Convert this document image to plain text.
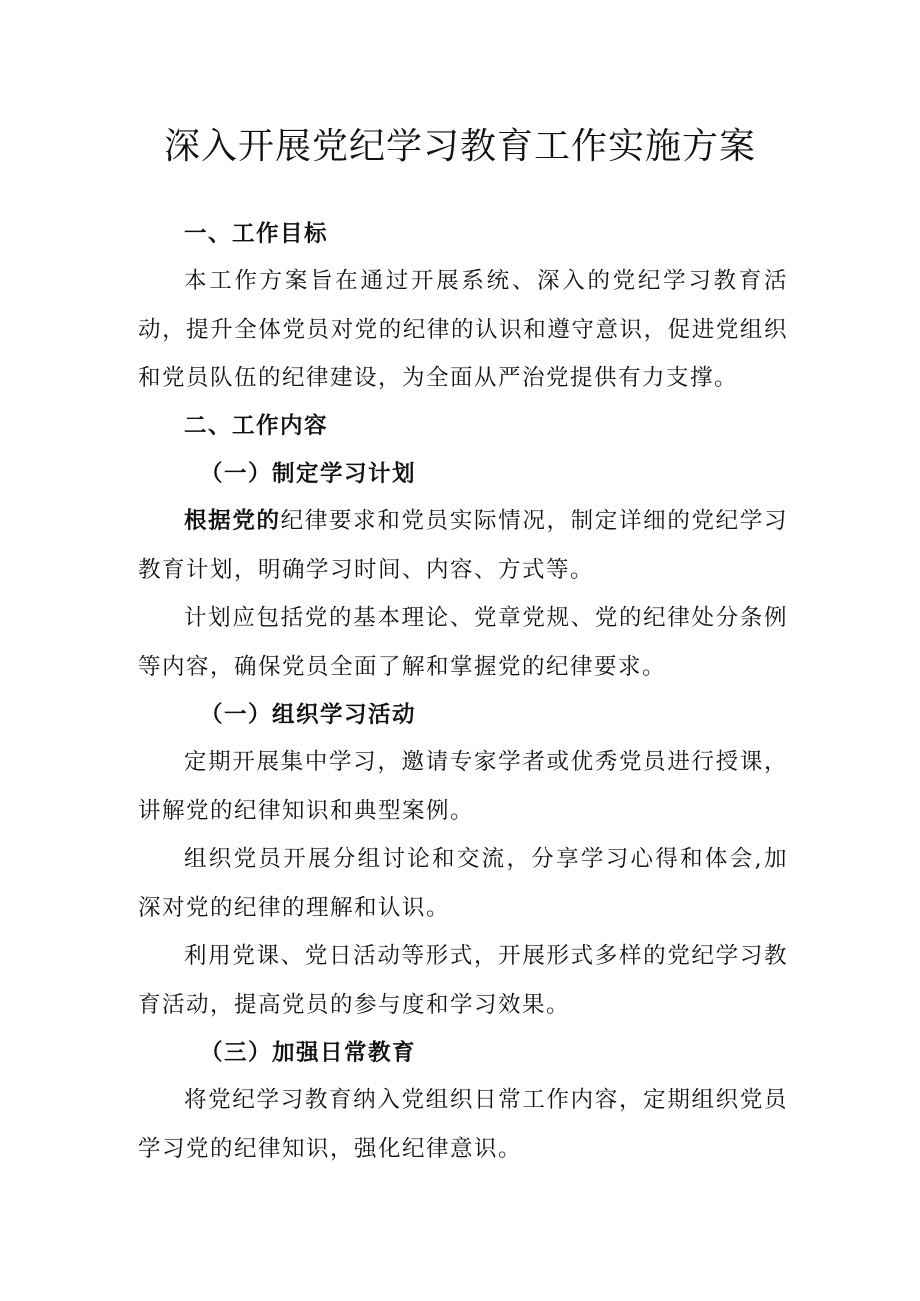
深入开展党纪学习教育工作实施方案
一、工作目标
本工作方案旨在通过开展系统、深入的党纪学习教育活动，提升全体党员对党的纪律的认识和遵守意识，促进党组织和党员队伍的纪律建设，为全面从严治党提供有力支撑。
二、工作内容
（一）制定学习计划
根据党的纪律要求和党员实际情况，制定详细的党纪学习教育计划，明确学习时间、内容、方式等。
计划应包括党的基本理论、党章党规、党的纪律处分条例等内容，确保党员全面了解和掌握党的纪律要求。
（一）组织学习活动
定期开展集中学习，邀请专家学者或优秀党员进行授课，讲解党的纪律知识和典型案例。
组织党员开展分组讨论和交流，分享学习心得和体会,加深对党的纪律的理解和认识。
利用党课、党日活动等形式，开展形式多样的党纪学习教育活动，提高党员的参与度和学习效果。
（三）加强日常教育
将党纪学习教育纳入党组织日常工作内容，定期组织党员学习党的纪律知识，强化纪律意识。
